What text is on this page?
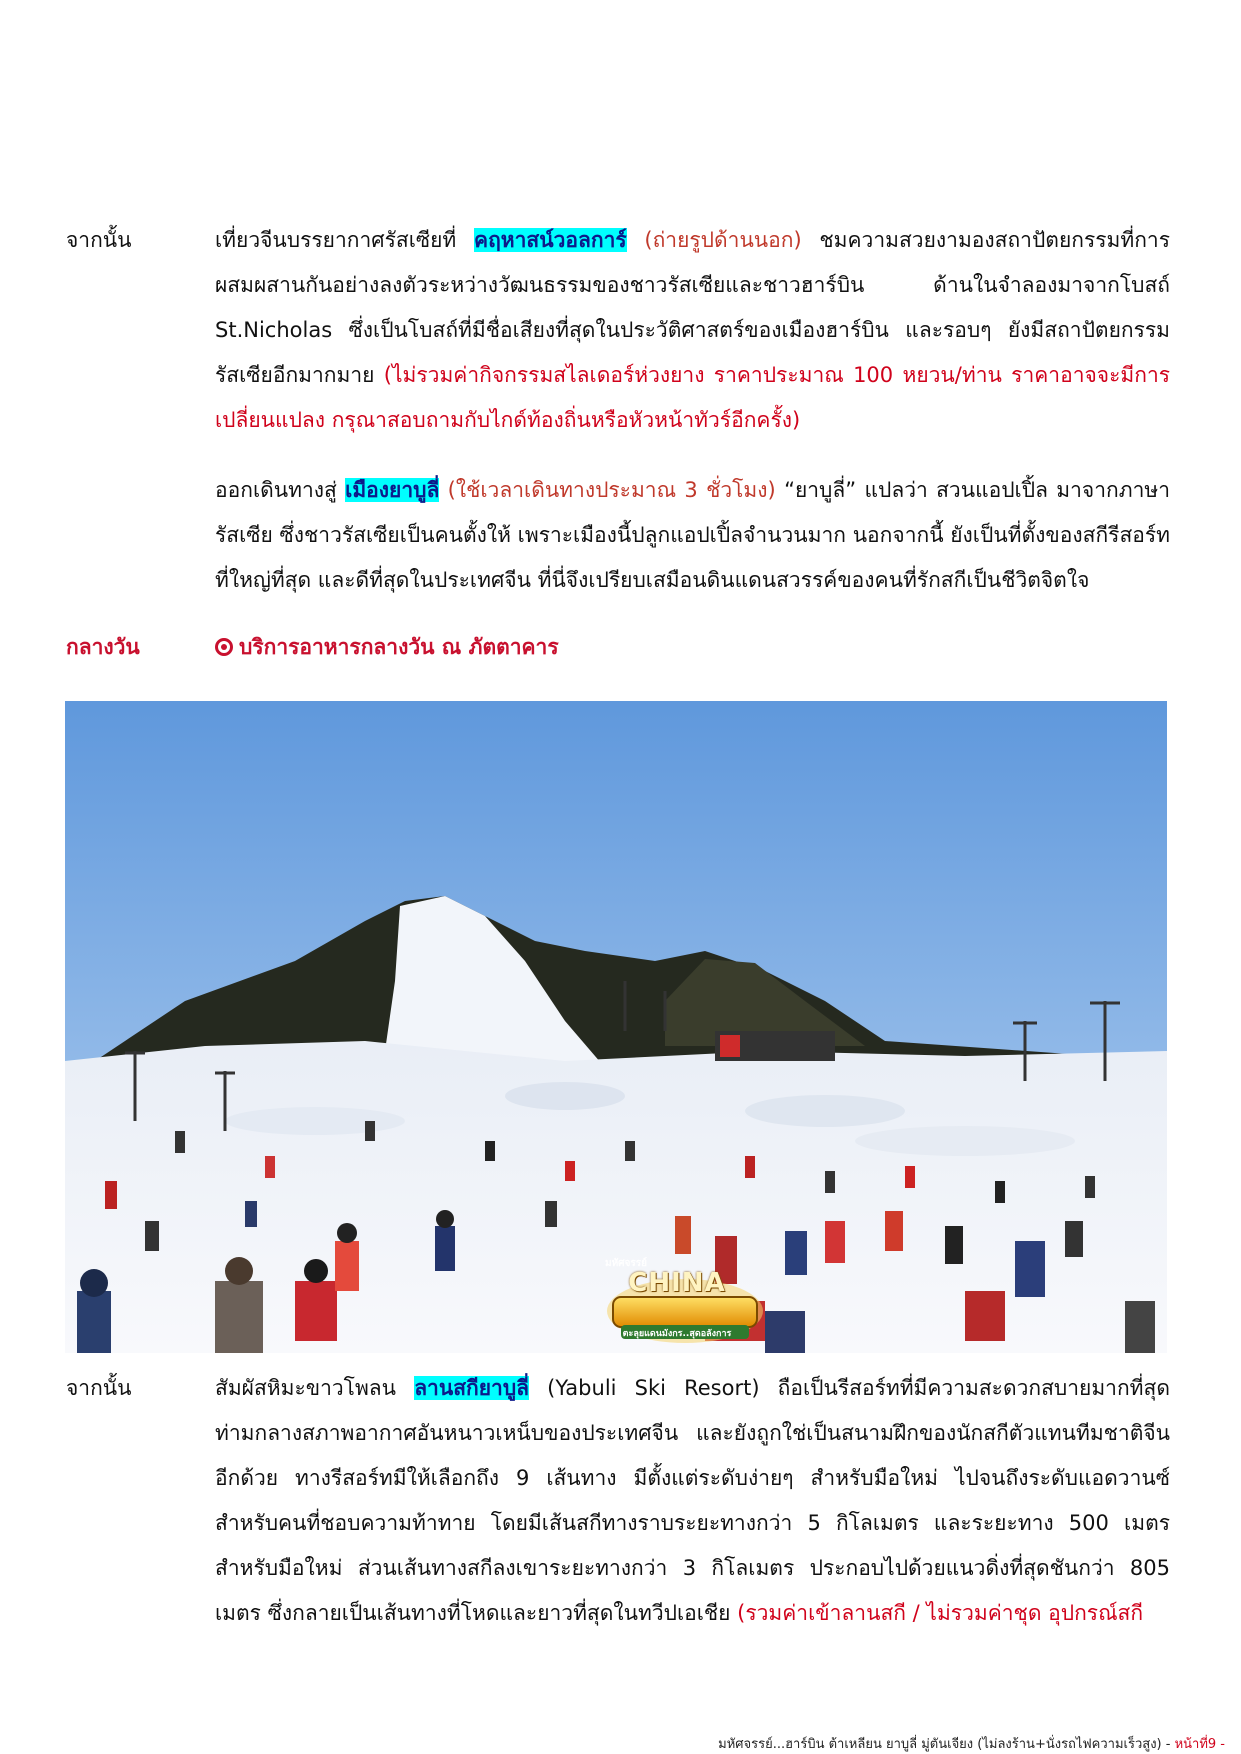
จากนั้น	เที่ยวจีนบรรยากาศรัสเซียที่ คฤหาสน์วอลการ์ (ถ่ายรูปด้านนอก) ชมความสวยงามองสถาปัตยกรรมที่การผสมผสานกันอย่างลงตัวระหว่างวัฒนธรรมของชาวรัสเซียและชาวฮาร์บิน ด้านในจำลองมาจากโบสถ์ St.Nicholas ซึ่งเป็นโบสถ์ที่มีชื่อเสียงที่สุดในประวัติศาสตร์ของเมืองฮาร์บิน และรอบๆ ยังมีสถาปัตยกรรมรัสเซียอีกมากมาย (ไม่รวมค่ากิจกรรมสไลเดอร์ห่วงยาง ราคาประมาณ 100 หยวน/ท่าน ราคาอาจจะมีการเปลี่ยนแปลง กรุณาสอบถามกับไกด์ท้องถิ่นหรือหัวหน้าทัวร์อีกครั้ง)
ออกเดินทางสู่ เมืองยาบูลี่ (ใช้เวลาเดินทางประมาณ 3 ชั่วโมง) “ยาบูลี่” แปลว่า สวนแอปเปิ้ล มาจากภาษารัสเซีย ซึ่งชาวรัสเซียเป็นคนตั้งให้ เพราะเมืองนี้ปลูกแอปเปิ้ลจำนวนมาก นอกจากนี้ ยังเป็นที่ตั้งของสกีรีสอร์ทที่ใหญ่ที่สุด และดีที่สุดในประเทศจีน ที่นี่จึงเปรียบเสมือนดินแดนสวรรค์ของคนที่รักสกีเป็นชีวิตจิตใจ
กลางวัน	บริการอาหารกลางวัน ณ ภัตตาคาร
มหัศจรรย์
CHINA
ตะลุยแดนมังกร..สุดอลังการ
จากนั้น	สัมผัสหิมะขาวโพลน ลานสกียาบูลี่ (Yabuli Ski Resort) ถือเป็นรีสอร์ทที่มีความสะดวกสบายมากที่สุด ท่ามกลางสภาพอากาศอันหนาวเหน็บของประเทศจีน และยังถูกใช่เป็นสนามฝึกของนักสกีตัวแทนทีมชาติจีนอีกด้วย ทางรีสอร์ทมีให้เลือกถึง 9 เส้นทาง มีตั้งแต่ระดับง่ายๆ สำหรับมือใหม่ ไปจนถึงระดับแอดวานซ์ สำหรับคนที่ชอบความท้าทาย โดยมีเส้นสกีทางราบระยะทางกว่า 5 กิโลเมตร และระยะทาง 500 เมตร สำหรับมือใหม่ ส่วนเส้นทางสกีลงเขาระยะทางกว่า 3 กิโลเมตร ประกอบไปด้วยแนวดิ่งที่สุดชันกว่า 805 เมตร ซึ่งกลายเป็นเส้นทางที่โหดและยาวที่สุดในทวีปเอเชีย (รวมค่าเข้าลานสกี / ไม่รวมค่าชุด อุปกรณ์สกี
มหัศจรรย์...ฮาร์บิน ต้าเหลียน ยาบูลี่ มู่ตันเจียง (ไม่ลงร้าน+นั่งรถไฟความเร็วสูง) - หน้าที่9 -
